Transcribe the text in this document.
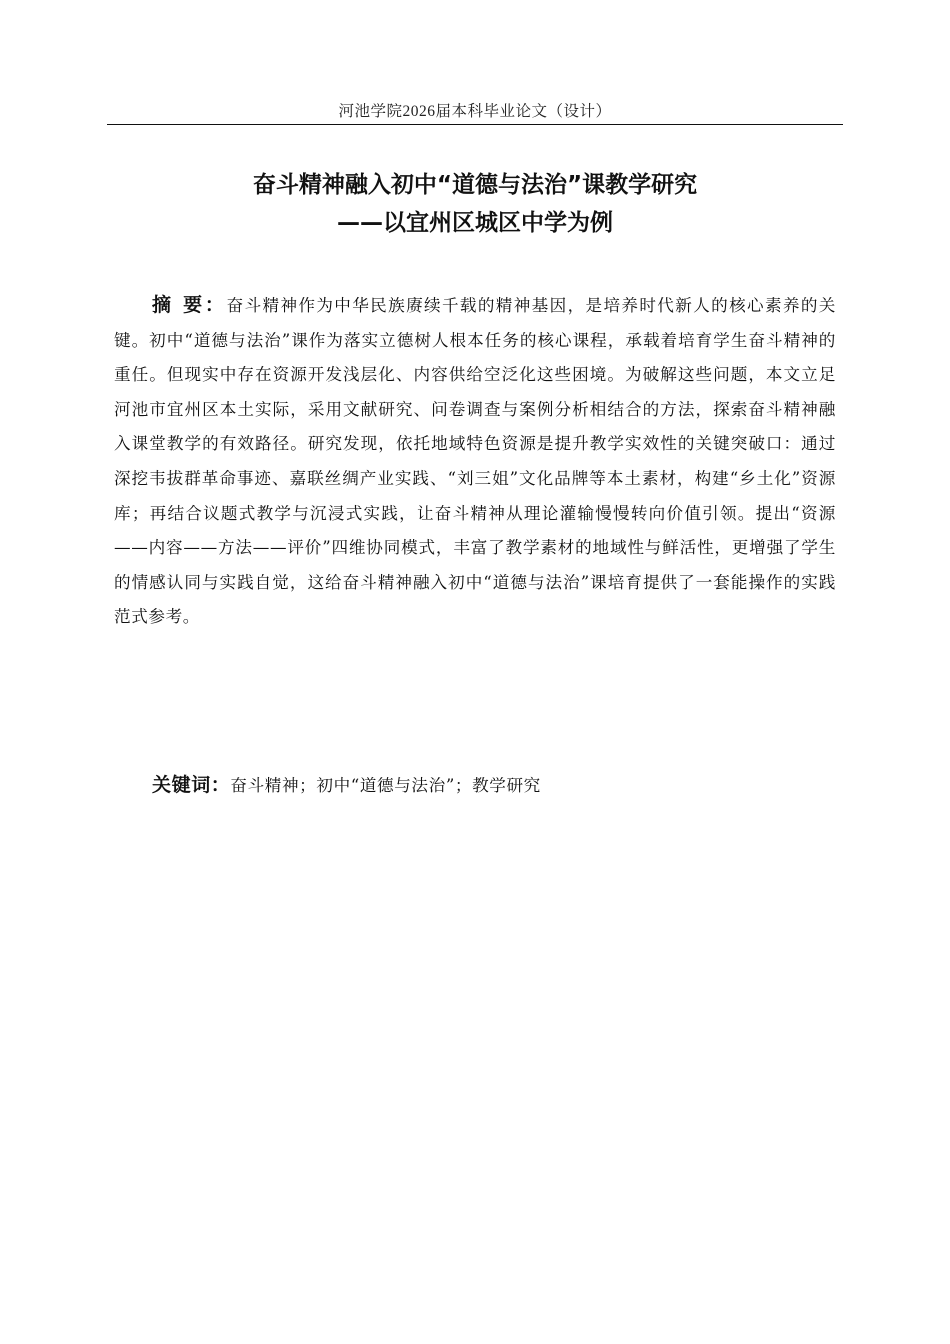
河池学院2026届本科毕业论文（设计）
奋斗精神融入初中“道德与法治”课教学研究
——以宜州区城区中学为例
摘 要：奋斗精神作为中华民族赓续千载的精神基因，是培养时代新人的核心素养的关键。初中“道德与法治”课作为落实立德树人根本任务的核心课程，承载着培育学生奋斗精神的重任。但现实中存在资源开发浅层化、内容供给空泛化这些困境。为破解这些问题，本文立足河池市宜州区本土实际，采用文献研究、问卷调查与案例分析相结合的方法，探索奋斗精神融入课堂教学的有效路径。研究发现，依托地域特色资源是提升教学实效性的关键突破口：通过深挖韦拔群革命事迹、嘉联丝绸产业实践、“刘三姐”文化品牌等本土素材，构建“乡土化”资源库；再结合议题式教学与沉浸式实践，让奋斗精神从理论灌输慢慢转向价值引领。提出“资源——内容——方法——评价”四维协同模式，丰富了教学素材的地域性与鲜活性，更增强了学生的情感认同与实践自觉，这给奋斗精神融入初中“道德与法治”课培育提供了一套能操作的实践范式参考。
关键词：奋斗精神；初中“道德与法治”；教学研究
